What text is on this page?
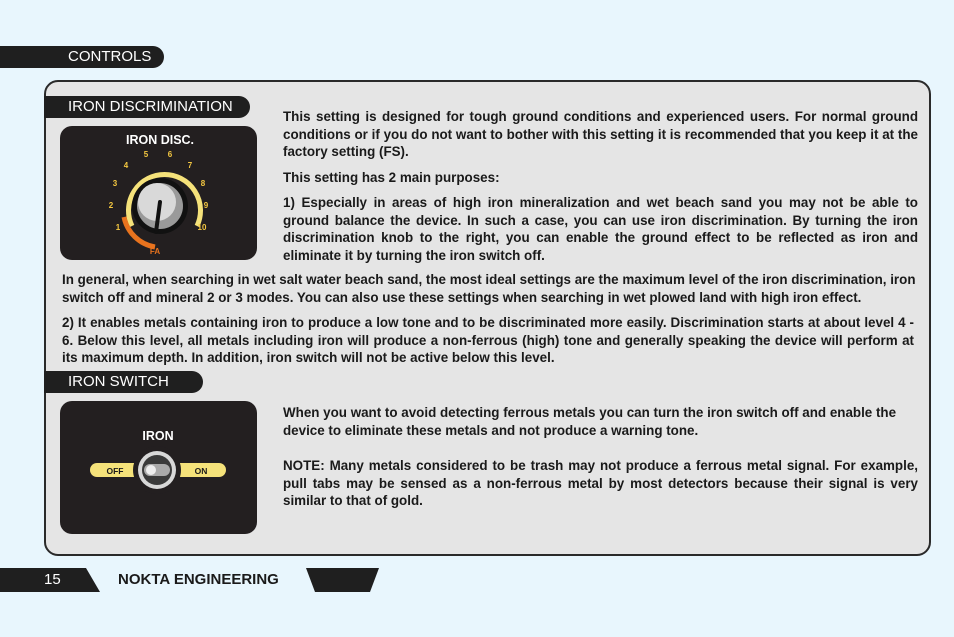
CONTROLS
IRON DISCRIMINATION
IRON DISC.
1
2
3
4
5 6
7
8
9
10
FA
This setting is designed for tough ground conditions and experienced users. For normal ground conditions or if you do not want to bother with this setting it is recommended that you keep it at the factory setting (FS).
This setting has 2 main purposes:
1) Especially in areas of high iron mineralization and wet beach sand you may not be able to ground balance the device. In such a case, you can use iron discrimination. By turning the iron discrimination knob to the right, you can enable the ground effect to be reflected as iron and eliminate it by turning the iron switch off.
In general, when searching in wet salt water beach sand, the most ideal settings are the maximum level of the iron discrimination, iron switch off and mineral 2 or 3 modes. You can also use these settings when searching in wet plowed land with high iron effect.
2) It enables metals containing iron to produce a low tone and to be discriminated more easily. Discrimination starts at about level 4 - 6. Below this level, all metals including iron will produce a non-ferrous (high) tone and generally speaking the device will perform at its maximum depth. In addition, iron switch will not be active below this level.
IRON SWITCH
IRON
OFF	ON
When you want to avoid detecting ferrous metals you can turn the iron switch off and enable the device to eliminate these metals and not produce a warning tone.
NOTE: Many metals considered to be trash may not produce a ferrous metal signal. For example, pull tabs may be sensed as a non-ferrous metal by most detectors because their signal is very similar to that of gold.
15	NOKTA ENGINEERING
